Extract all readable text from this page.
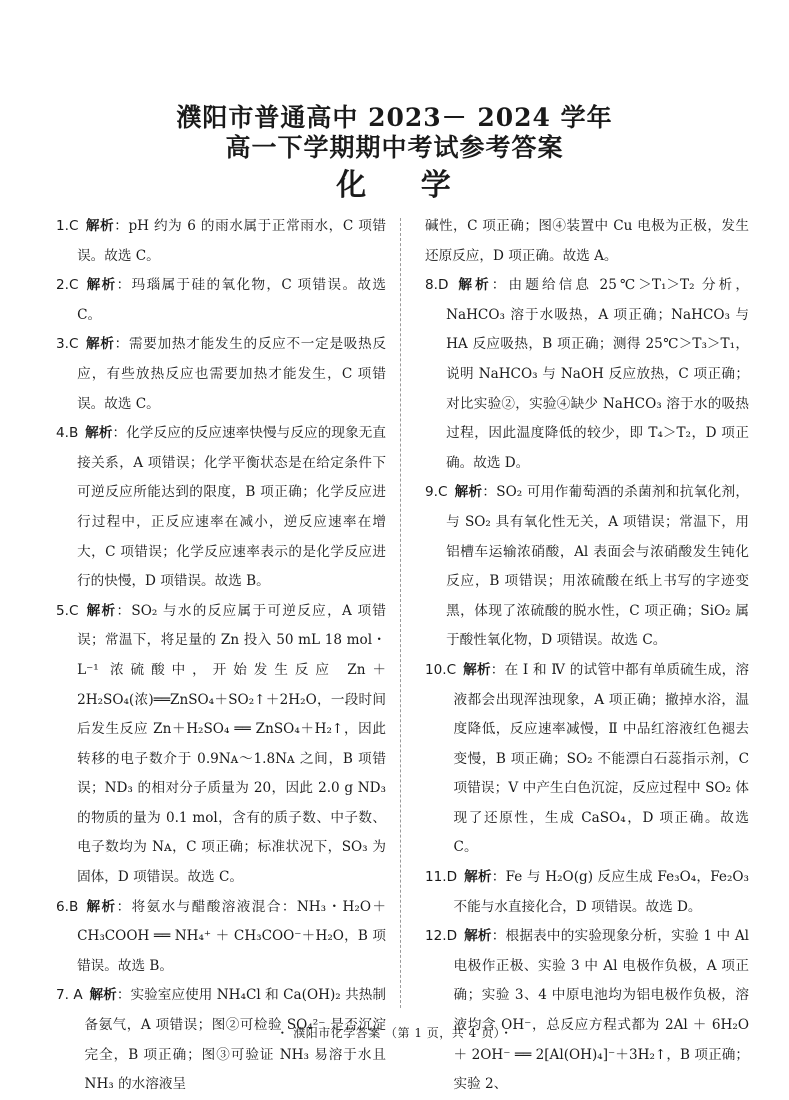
濮阳市普通高中 2023－ 2024 学年
高一下学期期中考试参考答案
化 学

1.C  解析：pH 约为 6 的雨水属于正常雨水，C 项错误。故选 C。

2.C  解析：玛瑙属于硅的氧化物，C 项错误。故选 C。

3.C  解析：需要加热才能发生的反应不一定是吸热反应，有些放热反应也需要加热才能发生，C 项错误。故选 C。

4.B  解析：化学反应的反应速率快慢与反应的现象无直接关系，A 项错误；化学平衡状态是在给定条件下可逆反应所能达到的限度，B 项正确；化学反应进行过程中，正反应速率在减小，逆反应速率在增大，C 项错误；化学反应速率表示的是化学反应进行的快慢，D 项错误。故选 B。

5.C  解析：SO₂ 与水的反应属于可逆反应，A 项错误；常温下，将足量的 Zn 投入 50 mL 18 mol・L⁻¹ 浓硫酸中，开始发生反应 Zn＋2H₂SO₄(浓)══ZnSO₄＋SO₂↑＋2H₂O，一段时间后发生反应 Zn＋H₂SO₄ ══ ZnSO₄＋H₂↑，因此转移的电子数介于 0.9Nᴀ～1.8Nᴀ 之间，B 项错误；ND₃ 的相对分子质量为 20，因此 2.0 g ND₃ 的物质的量为 0.1 mol，含有的质子数、中子数、电子数均为 Nᴀ，C 项正确；标准状况下，SO₃ 为固体，D 项错误。故选 C。

6.B  解析：将氨水与醋酸溶液混合：NH₃・H₂O＋ CH₃COOH ══ NH₄⁺ ＋ CH₃COO⁻＋H₂O，B 项错误。故选 B。

7. A  解析：实验室应使用 NH₄Cl 和 Ca(OH)₂ 共热制备氨气，A 项错误；图②可检验 SO₄²⁻ 是否沉淀完全，B 项正确；图③可验证 NH₃ 易溶于水且 NH₃ 的水溶液呈

碱性，C 项正确；图④装置中 Cu 电极为正极，发生还原反应，D 项正确。故选 A。

8.D  解析：由题给信息 25℃＞T₁＞T₂ 分析，NaHCO₃ 溶于水吸热，A 项正确；NaHCO₃ 与 HA 反应吸热，B 项正确；测得 25℃＞T₃＞T₁，说明 NaHCO₃ 与 NaOH 反应放热，C 项正确；对比实验②，实验④缺少 NaHCO₃ 溶于水的吸热过程，因此温度降低的较少，即 T₄＞T₂，D 项正确。故选 D。

9.C  解析：SO₂ 可用作葡萄酒的杀菌剂和抗氧化剂，与 SO₂ 具有氧化性无关，A 项错误；常温下，用铝槽车运输浓硝酸，Al 表面会与浓硝酸发生钝化反应，B 项错误；用浓硫酸在纸上书写的字迹变黑，体现了浓硫酸的脱水性，C 项正确；SiO₂ 属于酸性氧化物，D 项错误。故选 C。

10.C  解析：在 Ⅰ 和 Ⅳ 的试管中都有单质硫生成，溶液都会出现浑浊现象，A 项正确；撤掉水浴，温度降低，反应速率减慢，Ⅱ 中品红溶液红色褪去变慢，B 项正确；SO₂ 不能漂白石蕊指示剂，C 项错误；Ⅴ 中产生白色沉淀，反应过程中 SO₂ 体现了还原性，生成 CaSO₄，D 项正确。故选 C。

11.D  解析：Fe 与 H₂O(g) 反应生成 Fe₃O₄，Fe₂O₃ 不能与水直接化合，D 项错误。故选 D。

12.D  解析：根据表中的实验现象分析，实验 1 中 Al 电极作正极、实验 3 中 Al 电极作负极，A 项正确；实验 3、4 中原电池均为铝电极作负极，溶液均含 OH⁻，总反应方程式都为 2Al ＋ 6H₂O ＋ 2OH⁻ ══ 2[Al(OH)₄]⁻＋3H₂↑，B 项正确；实验 2、

・ 濮阳市化学答案 （第 1 页，共 4 页）・
